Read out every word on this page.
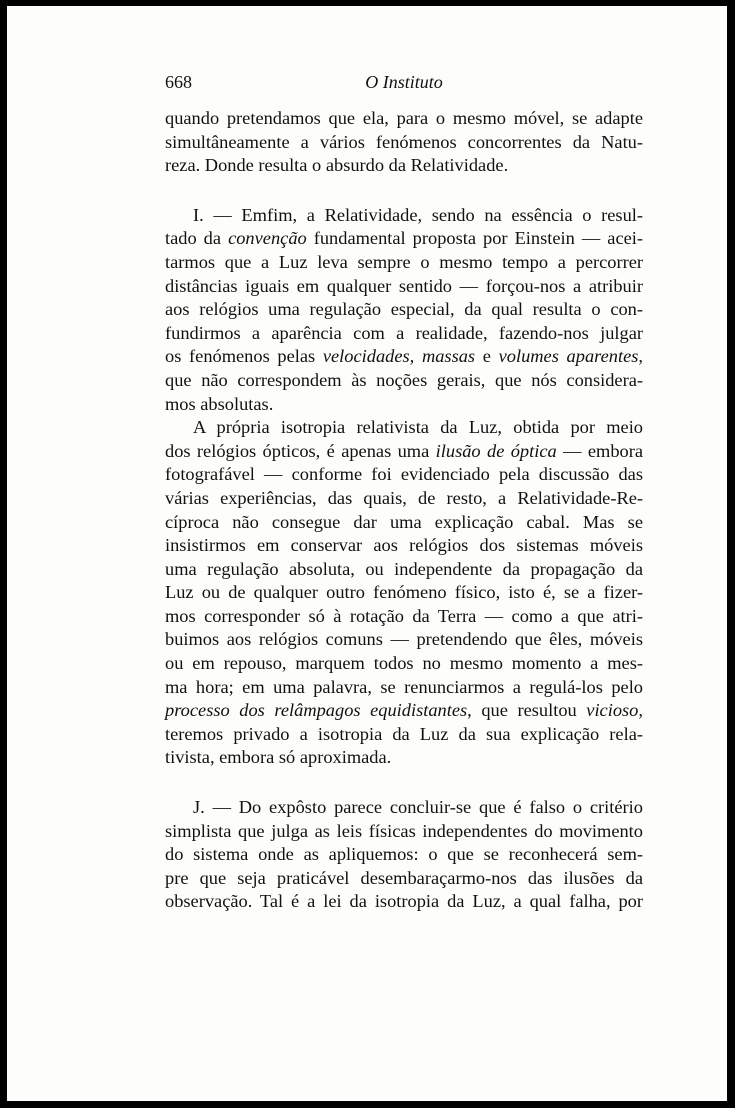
668	O Instituto
quando pretendamos que ela, para o mesmo móvel, se adapte
simultâneamente a vários fenómenos concorrentes da Natu-
reza. Donde resulta o absurdo da Relatividade.
I. — Emfim, a Relatividade, sendo na essência o resul-
tado da convenção fundamental proposta por Einstein — acei-
tarmos que a Luz leva sempre o mesmo tempo a percorrer
distâncias iguais em qualquer sentido — forçou-nos a atribuir
aos relógios uma regulação especial, da qual resulta o con-
fundirmos a aparência com a realidade, fazendo-nos julgar
os fenómenos pelas velocidades, massas e volumes aparentes,
que não correspondem às noções gerais, que nós considera-
mos absolutas.
A própria isotropia relativista da Luz, obtida por meio
dos relógios ópticos, é apenas uma ilusão de óptica — embora
fotografável — conforme foi evidenciado pela discussão das
várias experiências, das quais, de resto, a Relatividade-Re-
cíproca não consegue dar uma explicação cabal. Mas se
insistirmos em conservar aos relógios dos sistemas móveis
uma regulação absoluta, ou independente da propagação da
Luz ou de qualquer outro fenómeno físico, isto é, se a fizer-
mos corresponder só à rotação da Terra — como a que atri-
buimos aos relógios comuns — pretendendo que êles, móveis
ou em repouso, marquem todos no mesmo momento a mes-
ma hora; em uma palavra, se renunciarmos a regulá-los pelo
processo dos relâmpagos equidistantes, que resultou vicioso,
teremos privado a isotropia da Luz da sua explicação rela-
tivista, embora só aproximada.
J. — Do expôsto parece concluir-se que é falso o critério
simplista que julga as leis físicas independentes do movimento
do sistema onde as apliquemos: o que se reconhecerá sem-
pre que seja praticável desembaraçarmo-nos das ilusões da
observação. Tal é a lei da isotropia da Luz, a qual falha, por
